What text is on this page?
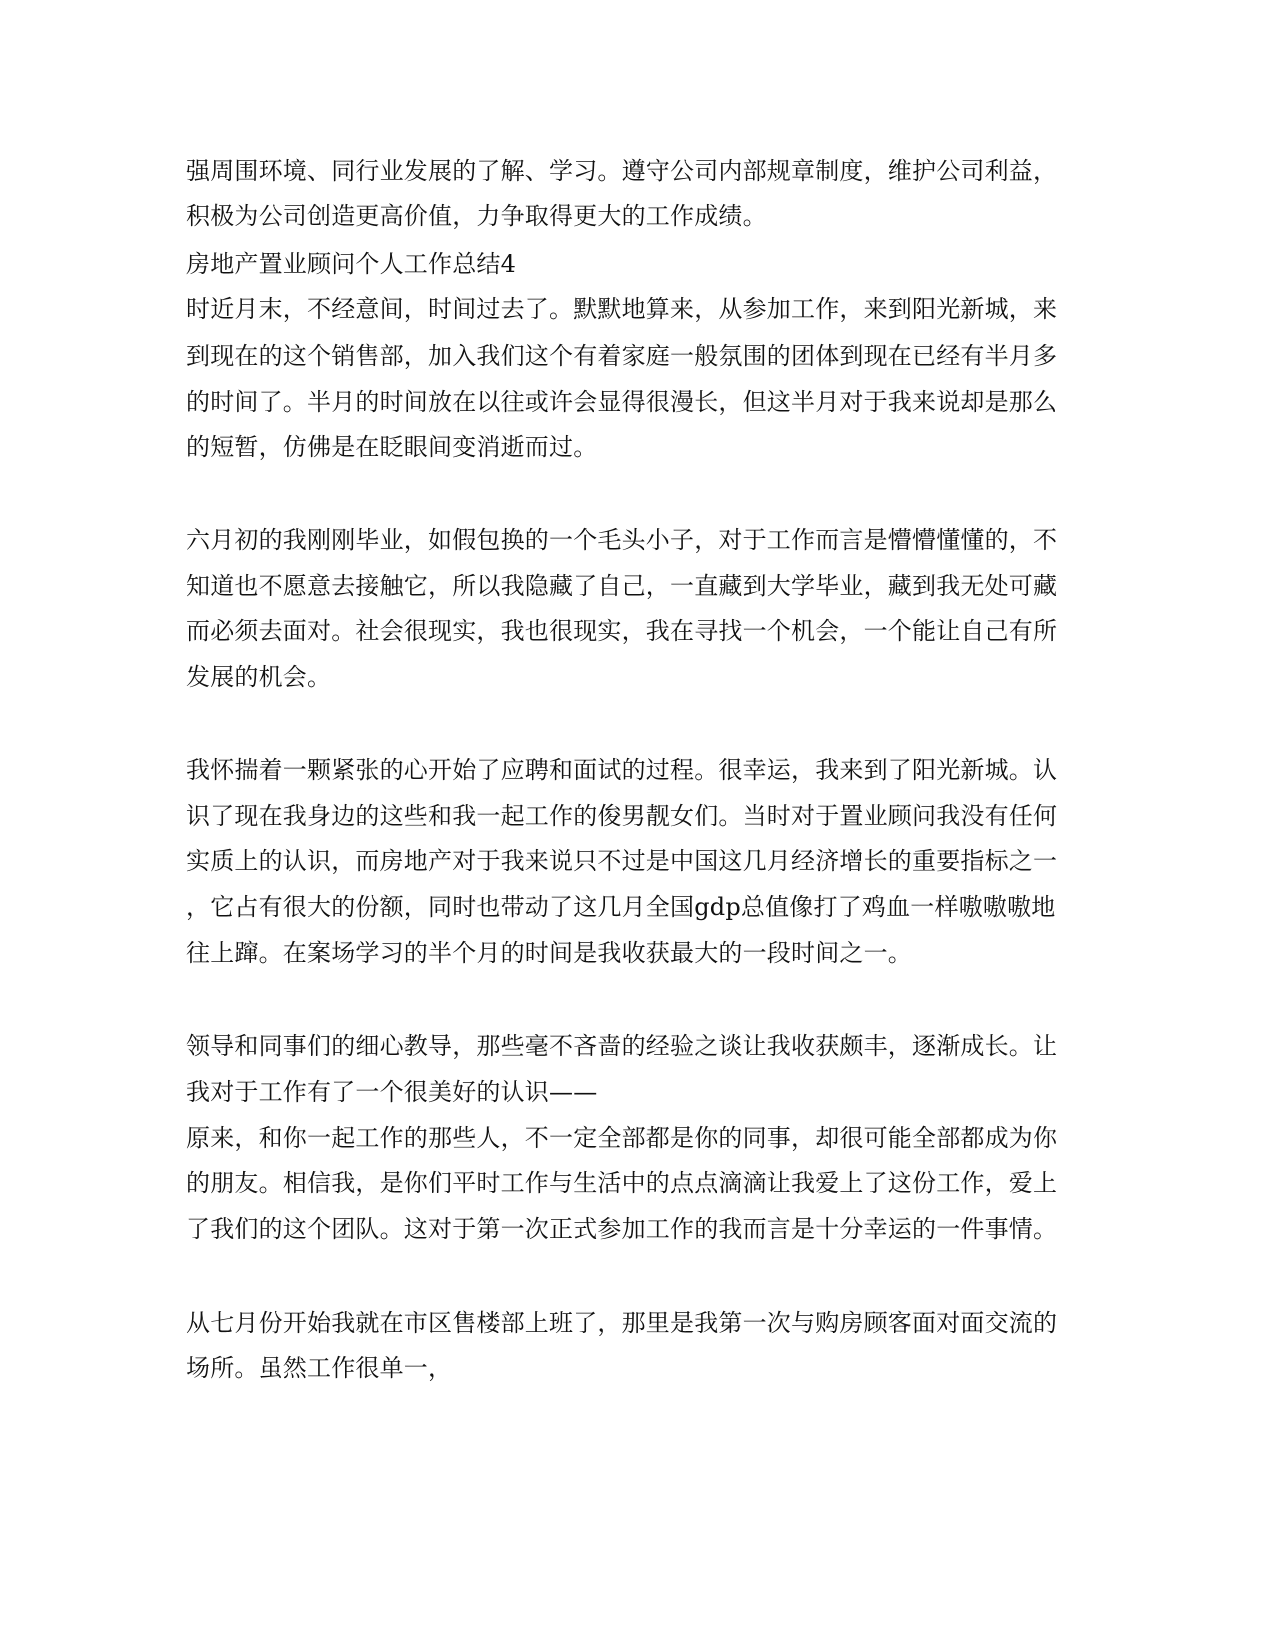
强周围环境、同行业发展的了解、学习。遵守公司内部规章制度，维护公司利益，
积极为公司创造更高价值，力争取得更大的工作成绩。
房地产置业顾问个人工作总结4
时近月末，不经意间，时间过去了。默默地算来，从参加工作，来到阳光新城，来
到现在的这个销售部，加入我们这个有着家庭一般氛围的团体到现在已经有半月多
的时间了。半月的时间放在以往或许会显得很漫长，但这半月对于我来说却是那么
的短暂，仿佛是在眨眼间变消逝而过。
六月初的我刚刚毕业，如假包换的一个毛头小子，对于工作而言是懵懵懂懂的，不
知道也不愿意去接触它，所以我隐藏了自己，一直藏到大学毕业，藏到我无处可藏
而必须去面对。社会很现实，我也很现实，我在寻找一个机会，一个能让自己有所
发展的机会。
我怀揣着一颗紧张的心开始了应聘和面试的过程。很幸运，我来到了阳光新城。认
识了现在我身边的这些和我一起工作的俊男靓女们。当时对于置业顾问我没有任何
实质上的认识，而房地产对于我来说只不过是中国这几月经济增长的重要指标之一
，它占有很大的份额，同时也带动了这几月全国gdp总值像打了鸡血一样嗷嗷嗷地
往上蹿。在案场学习的半个月的时间是我收获最大的一段时间之一。
领导和同事们的细心教导，那些毫不吝啬的经验之谈让我收获颇丰，逐渐成长。让
我对于工作有了一个很美好的认识——
原来，和你一起工作的那些人，不一定全部都是你的同事，却很可能全部都成为你
的朋友。相信我，是你们平时工作与生活中的点点滴滴让我爱上了这份工作，爱上
了我们的这个团队。这对于第一次正式参加工作的我而言是十分幸运的一件事情。
从七月份开始我就在市区售楼部上班了，那里是我第一次与购房顾客面对面交流的
场所。虽然工作很单一，
